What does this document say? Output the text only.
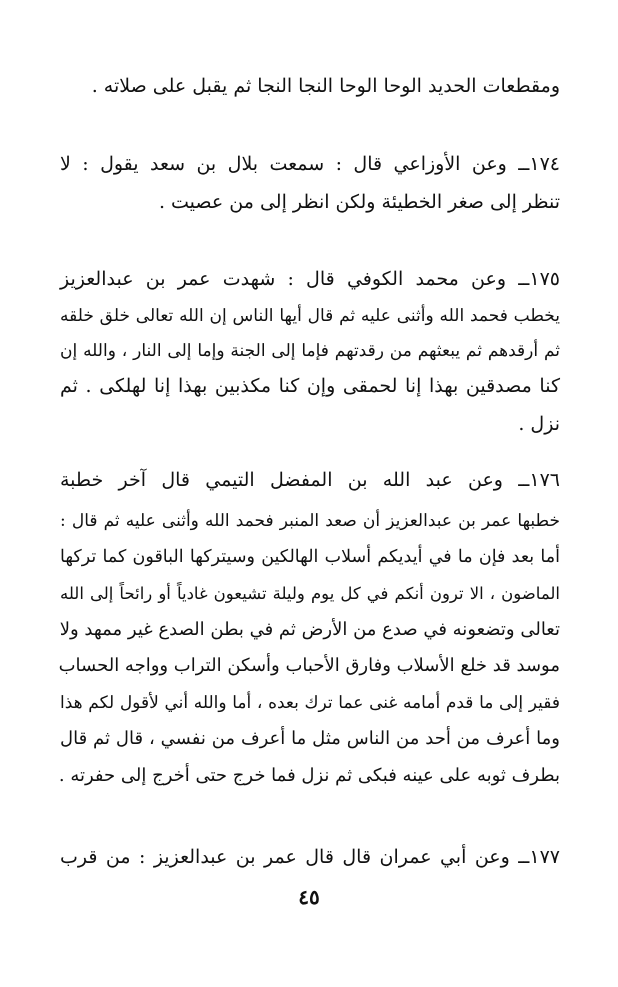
ومقطعات الحديد الوحا الوحا النجا النجا ثم يقبل على صلاته .
١٧٤ــ وعن الأوزاعي قال : سمعت بلال بن سعد يقول : لا
تنظر إلى صغر الخطيئة ولكن انظر إلى من عصيت .
١٧٥ــ وعن محمد الكوفي قال : شهدت عمر بن عبدالعزيز
يخطب فحمد الله وأثنى عليه ثم قال أيها الناس إن الله تعالى خلق خلقه
ثم أرقدهم ثم يبعثهم من رقدتهم فإما إلى الجنة وإما إلى النار ، والله إن
كنا مصدقين بهذا إنا لحمقى وإن كنا مكذبين بهذا إنا لهلكى . ثم
نزل .
١٧٦ــ وعن عبد الله بن المفضل التيمي قال آخر خطبة
خطبها عمر بن عبدالعزيز أن صعد المنبر فحمد الله وأثنى عليه ثم قال :
أما بعد فإن ما في أيديكم أسلاب الهالكين وسيتركها الباقون كما تركها
الماضون ، الا ترون أنكم في كل يوم وليلة تشيعون غادياً أو رائحاً إلى الله
تعالى وتضعونه في صدع من الأرض ثم في بطن الصدع غير ممهد ولا
موسد قد خلع الأسلاب وفارق الأحباب وأسكن التراب وواجه الحساب
فقير إلى ما قدم أمامه غنى عما ترك بعده ، أما والله أني لأقول لكم هذا
وما أعرف من أحد من الناس مثل ما أعرف من نفسي ، قال ثم قال
بطرف ثوبه على عينه فبكى ثم نزل فما خرج حتى أخرج إلى حفرته .
١٧٧ــ وعن أبي عمران قال قال عمر بن عبدالعزيز : من قرب
٤٥
